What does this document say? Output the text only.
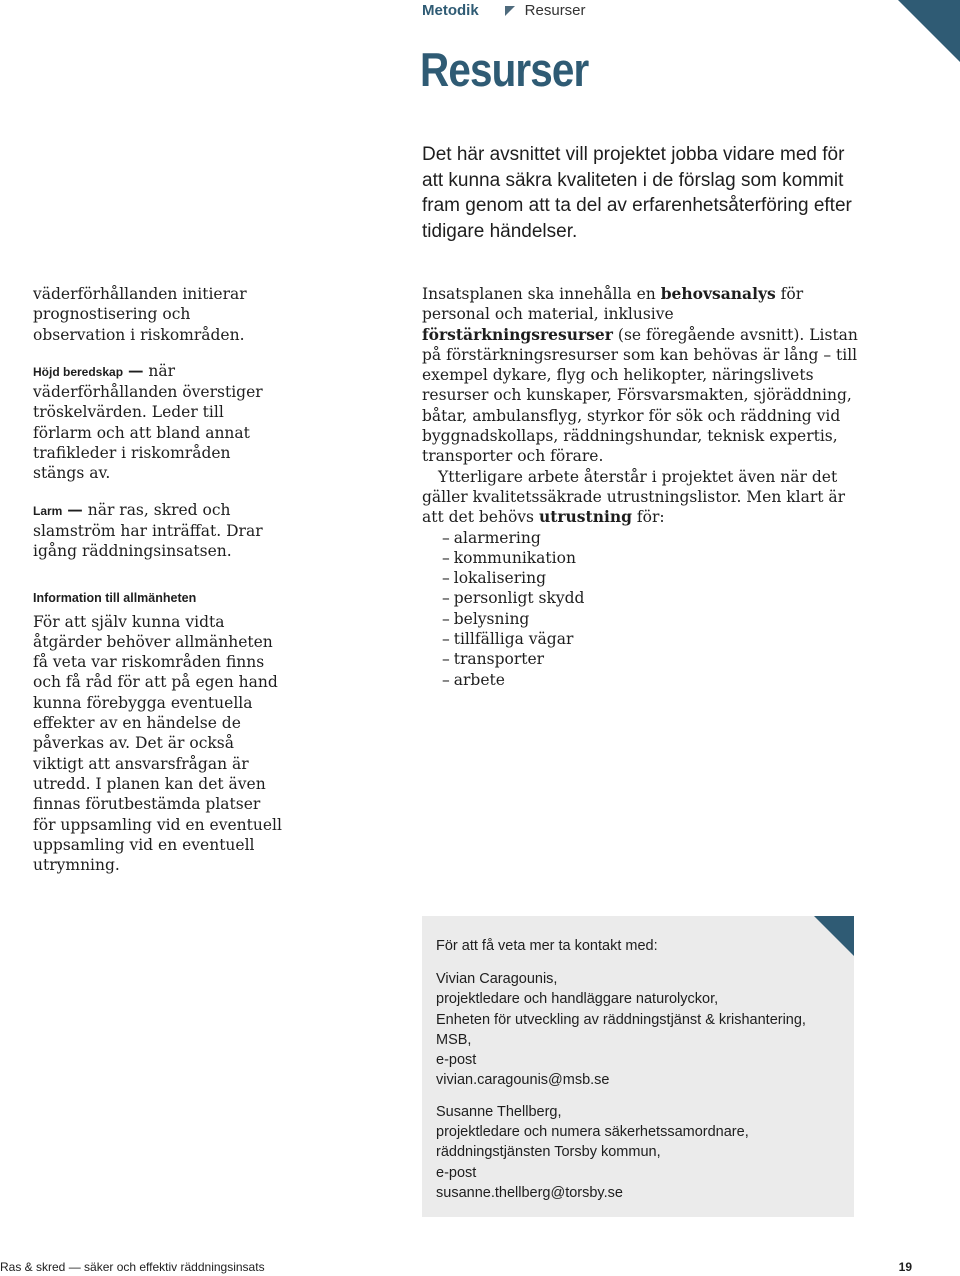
Metodik	Resurser
Resurser

Det här avsnittet vill projektet jobba vidare med för att kunna säkra kvaliteten i de förslag som kommit fram genom att ta del av erfarenhetsåterföring efter tidigare händelser.

väderförhållanden initierar prognostisering och observation i riskområden.

Höjd beredskap — när väderförhållanden överstiger tröskelvärden. Leder till förlarm och att bland annat trafikleder i riskområden stängs av.

Larm — när ras, skred och slamström har inträffat. Drar igång räddningsinsatsen.

Information till allmänheten

För att själv kunna vidta åtgärder behöver allmänheten få veta var riskområden finns och få råd för att på egen hand kunna förebygga eventuella effekter av en händelse de påverkas av. Det är också viktigt att ansvarsfrågan är utredd. I planen kan det även finnas förutbestämda platser för uppsamling vid en eventuell uppsamling vid en eventuell utrymning.

Insatsplanen ska innehålla en behovsanalys för personal och material, inklusive förstärkningsresurser (se föregående avsnitt). Listan på förstärkningsresurser som kan behövas är lång – till exempel dykare, flyg och helikopter, näringslivets resurser och kunskaper, Försvarsmakten, sjöräddning, båtar, ambulansflyg, styrkor för sök och räddning vid byggnadskollaps, räddningshundar, teknisk expertis, transporter och förare.

Ytterligare arbete återstår i projektet även när det gäller kvalitetssäkrade utrustningslistor. Men klart är att det behövs utrustning för:

– alarmering
– kommunikation
– lokalisering
– personligt skydd
– belysning
– tillfälliga vägar
– transporter
– arbete

För att få veta mer ta kontakt med:

Vivian Caragounis,

projektledare och handläggare naturolyckor,

Enheten för utveckling av räddningstjänst & krishantering,

MSB,

e-post

vivian.caragounis@msb.se

Susanne Thellberg,

projektledare och numera säkerhetssamordnare,

räddningstjänsten Torsby kommun,

e-post

susanne.thellberg@torsby.se

Ras & skred — säker och effektiv räddningsinsats	19
